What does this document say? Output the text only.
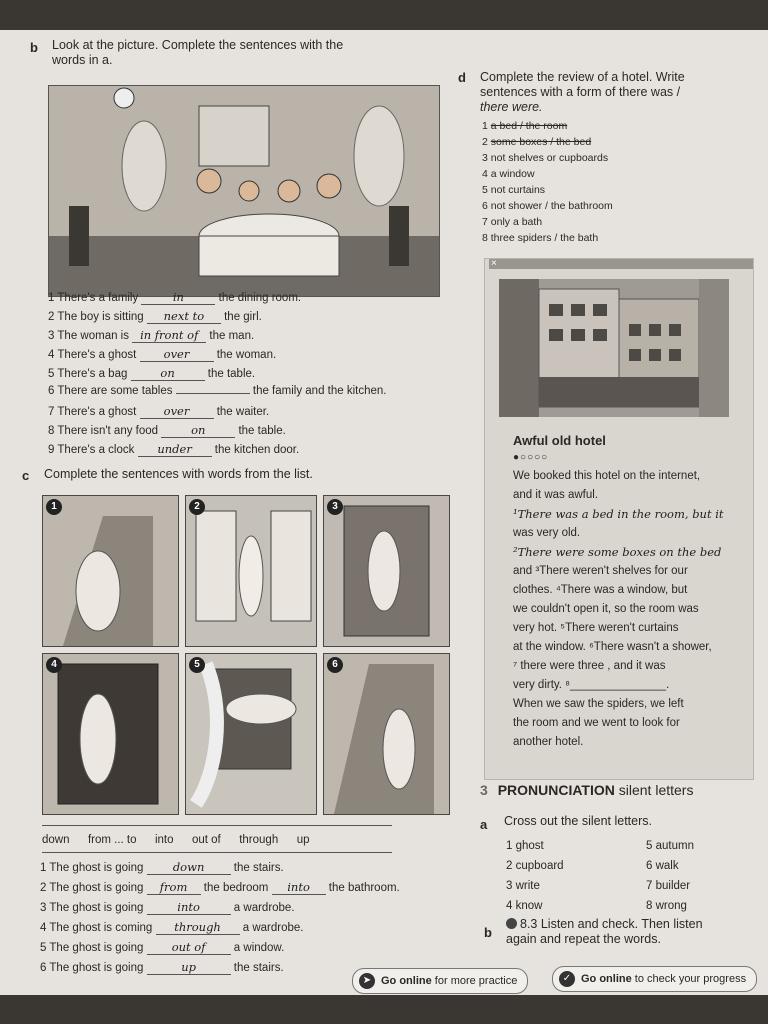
b Look at the picture. Complete the sentences with the
words in a.
1 There's a family	in	the dining room.
2 The boy is sitting next to the girl.
3 The woman is in front of the man.
4 There's a ghost over the woman.
5 There's a bag	on	the table.
6 There are some tables	the family and the kitchen.
7 There's a ghost over the waiter.
8 There isn't any food	on	the table.
9 There's a clock under the kitchen door.
c Complete the sentences with words from the list.
1	2	3
4	5	6
down from ... to into out of through up
1 The ghost is going	down	the stairs.
2 The ghost is going from the bedroom into the bathroom.
3 The ghost is going	into	a wardrobe.
4 The ghost is coming through a wardrobe.
5 The ghost is going out of a window.
6 The ghost is going	up	the stairs.
d Complete the review of a hotel. Write
sentences with a form of there was /
there were.
1 a bed / the room
2 some boxes / the bed
3 not shelves or cupboards
4 a window
5 not curtains
6 not shower / the bathroom
7 only a bath
8 three spiders / the bath
×
Awful old hotel
●○○○○
We booked this hotel on the internet,
and it was awful.
¹There was a bed in the room, but it
was very old.
²There were some boxes on the bed
and ³There weren't shelves for our
clothes. ⁴There was a window, but
we couldn't open it, so the room was
very hot. ⁵There weren't curtains
at the window. ⁶There wasn't a shower,
⁷ there were three , and it was
very dirty. ⁸_______________.
When we saw the spiders, we left
the room and we went to look for
another hotel.
3 PRONUNCIATION silent letters
a Cross out the silent letters.
1 ghost	5 autumn
2 cupboard	6 walk
3 write	7 builder
4 know	8 wrong
b
8.3 Listen and check. Then listen
again and repeat the words.
➤ Go online for more practice	✓ Go online to check your progress
